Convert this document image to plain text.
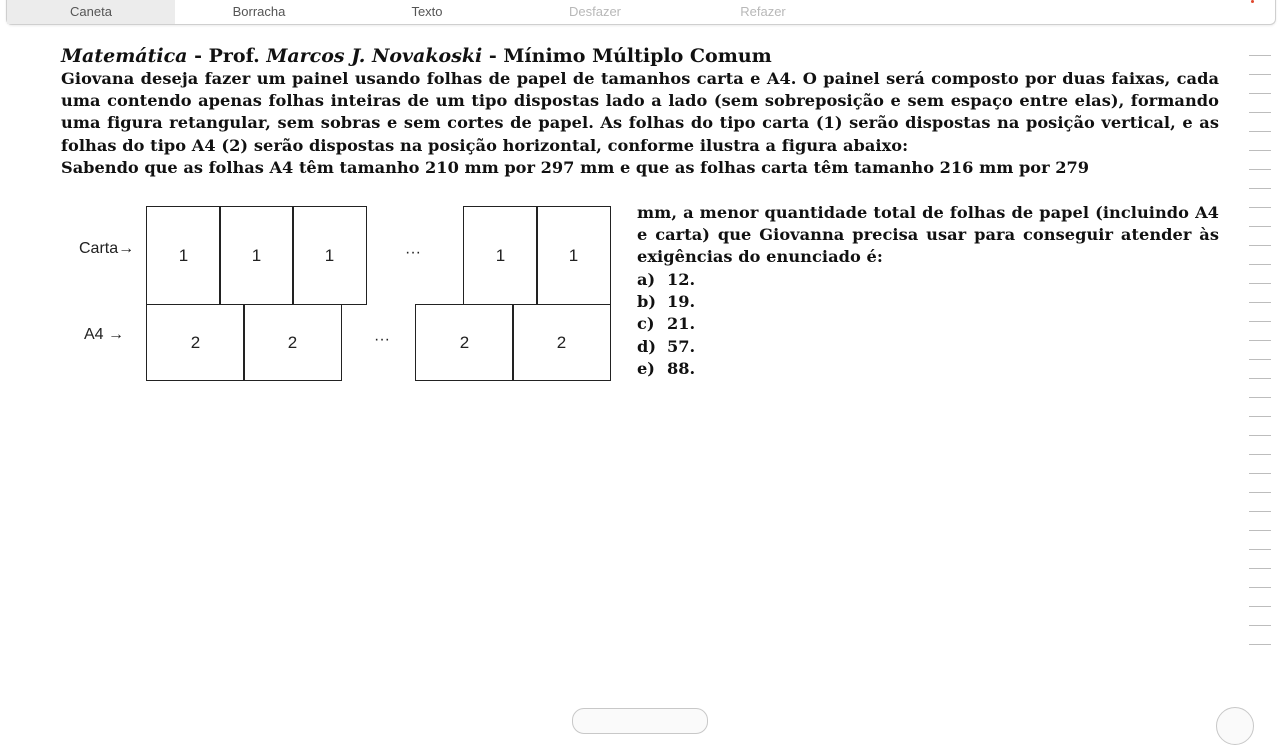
Caneta	Borracha	Texto	Desfazer	Refazer

Matemática - Prof. Marcos J. Novakoski - Mínimo Múltiplo Comum

Giovana deseja fazer um painel usando folhas de papel de tamanhos carta e A4. O painel será composto por duas faixas, cada uma contendo apenas folhas inteiras de um tipo dispostas lado a lado (sem sobreposição e sem espaço entre elas), formando uma figura retangular, sem sobras e sem cortes de papel. As folhas do tipo carta (1) serão dispostas na posição vertical, e as folhas do tipo A4 (2) serão dispostas na posição horizontal, conforme ilustra a figura abaixo:

Sabendo que as folhas A4 têm tamanho 210 mm por 297 mm e que as folhas carta têm tamanho 216 mm por 279

mm, a menor quantidade total de folhas de papel (incluindo A4 e carta) que Giovanna precisa usar para conseguir atender às exigências do enunciado é:

a) 12.
b) 19.
c) 21.
d) 57.
e) 88.
Carta→
A4 →
1	1	1	···	1	1
2	2	···	2	2
